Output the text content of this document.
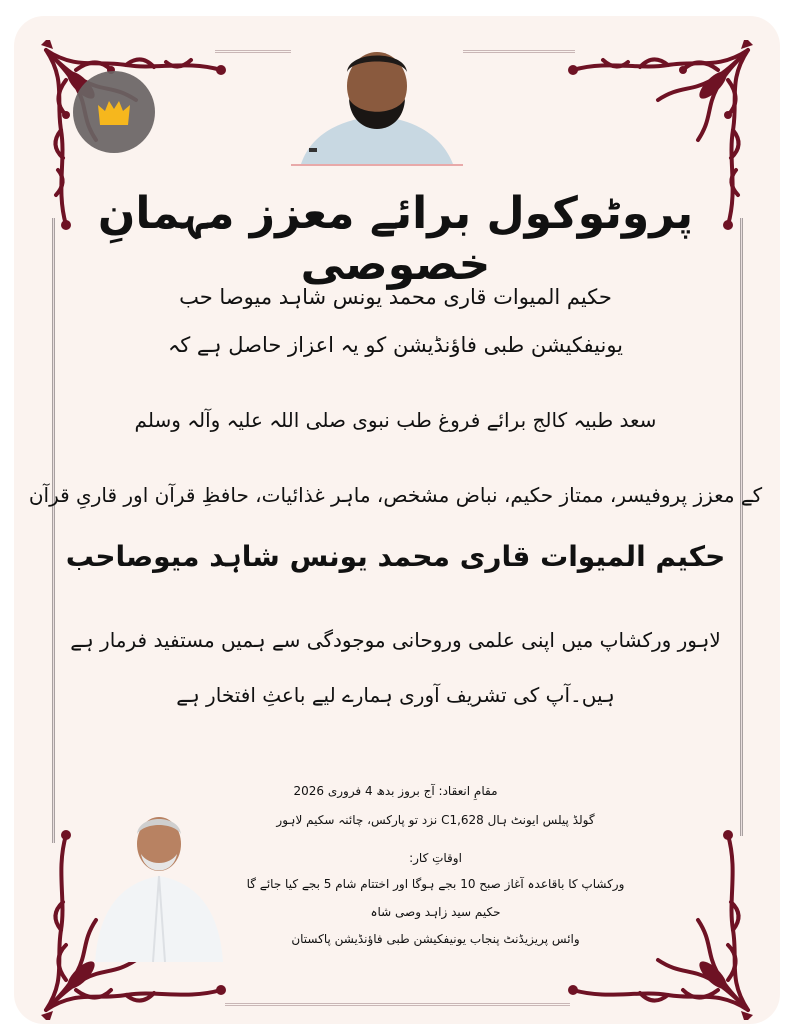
پروٹوکول برائے معزز مہمانِ خصوصی
حکیم المیوات قاری محمد یونس شاہد میوصا حب
یونیفکیشن طبی فاؤنڈیشن کو یہ اعزاز حاصل ہے کہ
سعد طبیہ کالج برائے فروغ طب نبوی صلی اللہ علیہ وآلہ وسلم
کے معزز پروفیسر، ممتاز حکیم، نباض مشخص، ماہر غذائیات، حافظِ قرآن اور قاریِ قرآن
حکیم المیوات قاری محمد یونس شاہد میوصاحب
لاہور ورکشاپ میں اپنی علمی وروحانی موجودگی سے ہمیں مستفید فرمار ہے
ہیں۔آپ کی تشریف آوری ہمارے لیے باعثِ افتخار ہے
مقامِ انعقاد: آج بروز بدھ 4 فروری 2026
گولڈ پیلس ایونٹ ہال C1,628 نزد تو پارکس، چائنہ سکیم لاہور
اوقاتِ کار:
ورکشاپ کا باقاعدہ آغاز صبح 10 بجے ہوگا اور اختتام شام 5 بجے کیا جائے گا
حکیم سید زاہد وصی شاہ
وائس پریزیڈنٹ پنجاب یونیفکیشن طبی فاؤنڈیشن پاکستان
